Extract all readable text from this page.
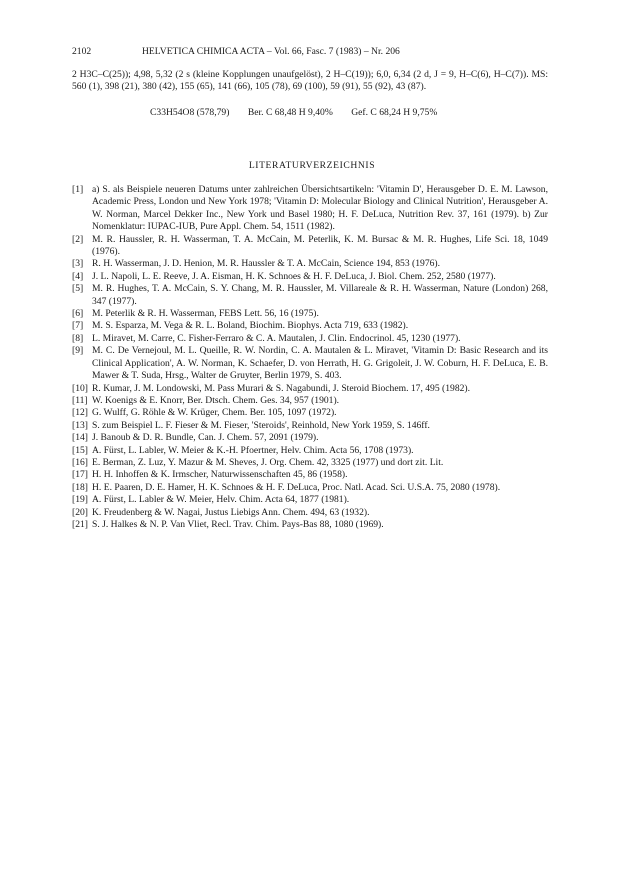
2102	HELVETICA CHIMICA ACTA – Vol. 66, Fasc. 7 (1983) – Nr. 206
2 H3C–C(25)); 4,98, 5,32 (2 s (kleine Kopplungen unaufgelöst), 2 H–C(19)); 6,0, 6,34 (2 d, J = 9, H–C(6), H–C(7)). MS: 560 (1), 398 (21), 380 (42), 155 (65), 141 (66), 105 (78), 69 (100), 59 (91), 55 (92), 43 (87).
C33H54O8 (578,79) Ber. C 68,48 H 9,40% Gef. C 68,24 H 9,75%
LITERATURVERZEICHNIS
[1] a) S. als Beispiele neueren Datums unter zahlreichen Übersichtsartikeln: 'Vitamin D', Herausgeber D. E. M. Lawson, Academic Press, London und New York 1978; 'Vitamin D: Molecular Biology and Clinical Nutrition', Herausgeber A. W. Norman, Marcel Dekker Inc., New York und Basel 1980; H. F. DeLuca, Nutrition Rev. 37, 161 (1979). b) Zur Nomenklatur: IUPAC-IUB, Pure Appl. Chem. 54, 1511 (1982).
[2] M. R. Haussler, R. H. Wasserman, T. A. McCain, M. Peterlik, K. M. Bursac & M. R. Hughes, Life Sci. 18, 1049 (1976).
[3] R. H. Wasserman, J. D. Henion, M. R. Haussler & T. A. McCain, Science 194, 853 (1976).
[4] J. L. Napoli, L. E. Reeve, J. A. Eisman, H. K. Schnoes & H. F. DeLuca, J. Biol. Chem. 252, 2580 (1977).
[5] M. R. Hughes, T. A. McCain, S. Y. Chang, M. R. Haussler, M. Villareale & R. H. Wasserman, Nature (London) 268, 347 (1977).
[6] M. Peterlik & R. H. Wasserman, FEBS Lett. 56, 16 (1975).
[7] M. S. Esparza, M. Vega & R. L. Boland, Biochim. Biophys. Acta 719, 633 (1982).
[8] L. Miravet, M. Carre, C. Fisher-Ferraro & C. A. Mautalen, J. Clin. Endocrinol. 45, 1230 (1977).
[9] M. C. De Vernejoul, M. L. Queille, R. W. Nordin, C. A. Mautalen & L. Miravet, 'Vitamin D: Basic Research and its Clinical Application', A. W. Norman, K. Schaefer, D. von Herrath, H. G. Grigoleit, J. W. Coburn, H. F. DeLuca, E. B. Mawer & T. Suda, Hrsg., Walter de Gruyter, Berlin 1979, S. 403.
[10] R. Kumar, J. M. Londowski, M. Pass Murari & S. Nagabundi, J. Steroid Biochem. 17, 495 (1982).
[11] W. Koenigs & E. Knorr, Ber. Dtsch. Chem. Ges. 34, 957 (1901).
[12] G. Wulff, G. Röhle & W. Krüger, Chem. Ber. 105, 1097 (1972).
[13] S. zum Beispiel L. F. Fieser & M. Fieser, 'Steroids', Reinhold, New York 1959, S. 146ff.
[14] J. Banoub & D. R. Bundle, Can. J. Chem. 57, 2091 (1979).
[15] A. Fürst, L. Labler, W. Meier & K.-H. Pfoertner, Helv. Chim. Acta 56, 1708 (1973).
[16] E. Berman, Z. Luz, Y. Mazur & M. Sheves, J. Org. Chem. 42, 3325 (1977) und dort zit. Lit.
[17] H. H. Inhoffen & K. Irmscher, Naturwissenschaften 45, 86 (1958).
[18] H. E. Paaren, D. E. Hamer, H. K. Schnoes & H. F. DeLuca, Proc. Natl. Acad. Sci. U.S.A. 75, 2080 (1978).
[19] A. Fürst, L. Labler & W. Meier, Helv. Chim. Acta 64, 1877 (1981).
[20] K. Freudenberg & W. Nagai, Justus Liebigs Ann. Chem. 494, 63 (1932).
[21] S. J. Halkes & N. P. Van Vliet, Recl. Trav. Chim. Pays-Bas 88, 1080 (1969).
